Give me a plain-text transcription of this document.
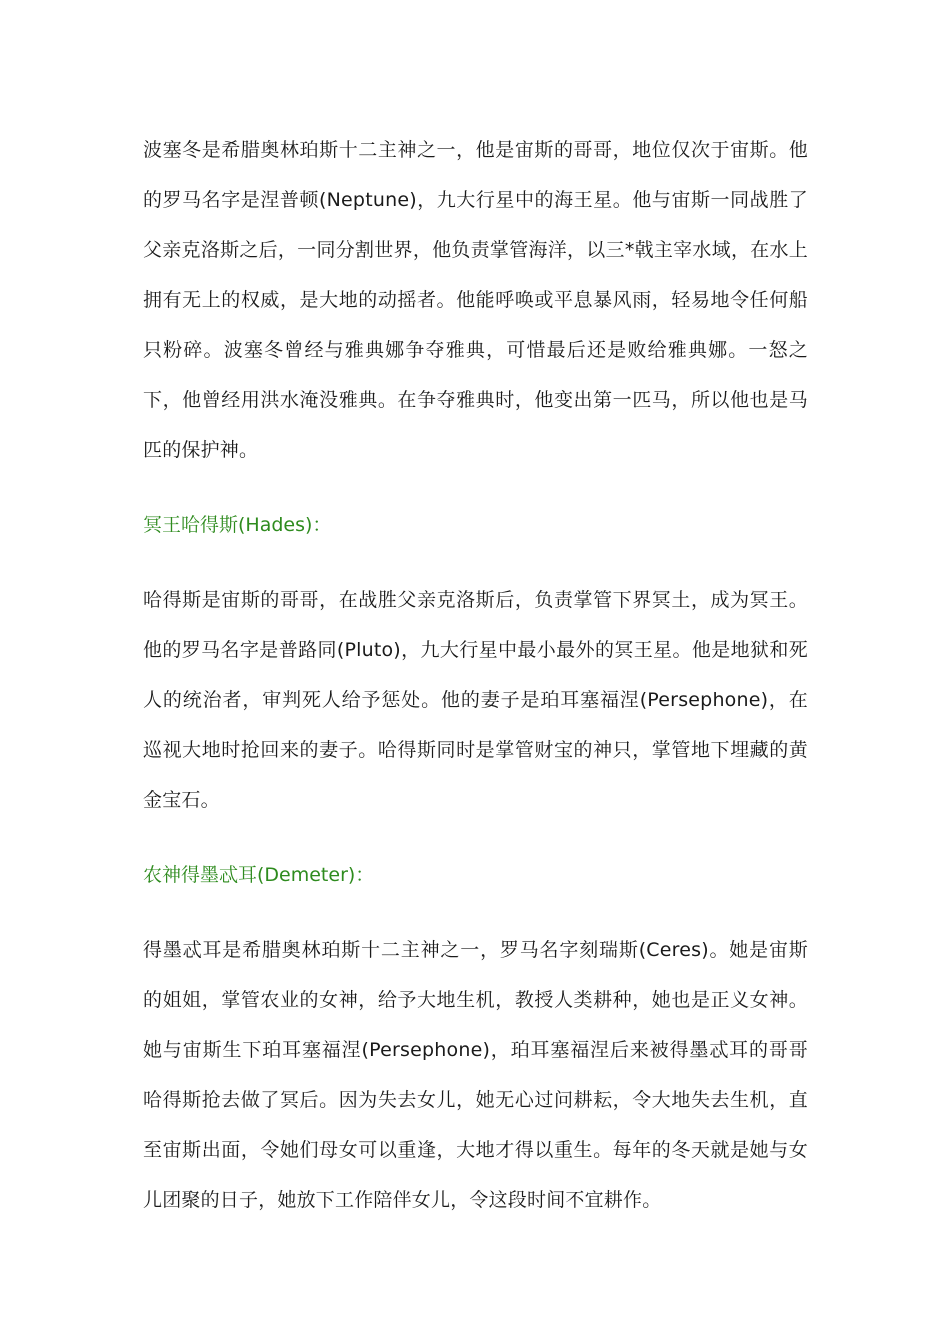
波塞冬是希腊奥林珀斯十二主神之一，他是宙斯的哥哥，地位仅次于宙斯。他的罗马名字是涅普顿(Neptune)，九大行星中的海王星。他与宙斯一同战胜了父亲克洛斯之后，一同分割世界，他负责掌管海洋，以三*戟主宰水域，在水上拥有无上的权威，是大地的动摇者。他能呼唤或平息暴风雨，轻易地令任何船只粉碎。波塞冬曾经与雅典娜争夺雅典，可惜最后还是败给雅典娜。一怒之下，他曾经用洪水淹没雅典。在争夺雅典时，他变出第一匹马，所以他也是马匹的保护神。

冥王哈得斯(Hades)：

哈得斯是宙斯的哥哥，在战胜父亲克洛斯后，负责掌管下界冥土，成为冥王。他的罗马名字是普路同(Pluto)，九大行星中最小最外的冥王星。他是地狱和死人的统治者，审判死人给予惩处。他的妻子是珀耳塞福涅(Persephone)，在巡视大地时抢回来的妻子。哈得斯同时是掌管财宝的神只，掌管地下埋藏的黄金宝石。

农神得墨忒耳(Demeter)：

得墨忒耳是希腊奥林珀斯十二主神之一，罗马名字刻瑞斯(Ceres)。她是宙斯的姐姐，掌管农业的女神，给予大地生机，教授人类耕种，她也是正义女神。她与宙斯生下珀耳塞福涅(Persephone)，珀耳塞福涅后来被得墨忒耳的哥哥哈得斯抢去做了冥后。因为失去女儿，她无心过问耕耘，令大地失去生机，直至宙斯出面，令她们母女可以重逢，大地才得以重生。每年的冬天就是她与女儿团聚的日子，她放下工作陪伴女儿，令这段时间不宜耕作。
